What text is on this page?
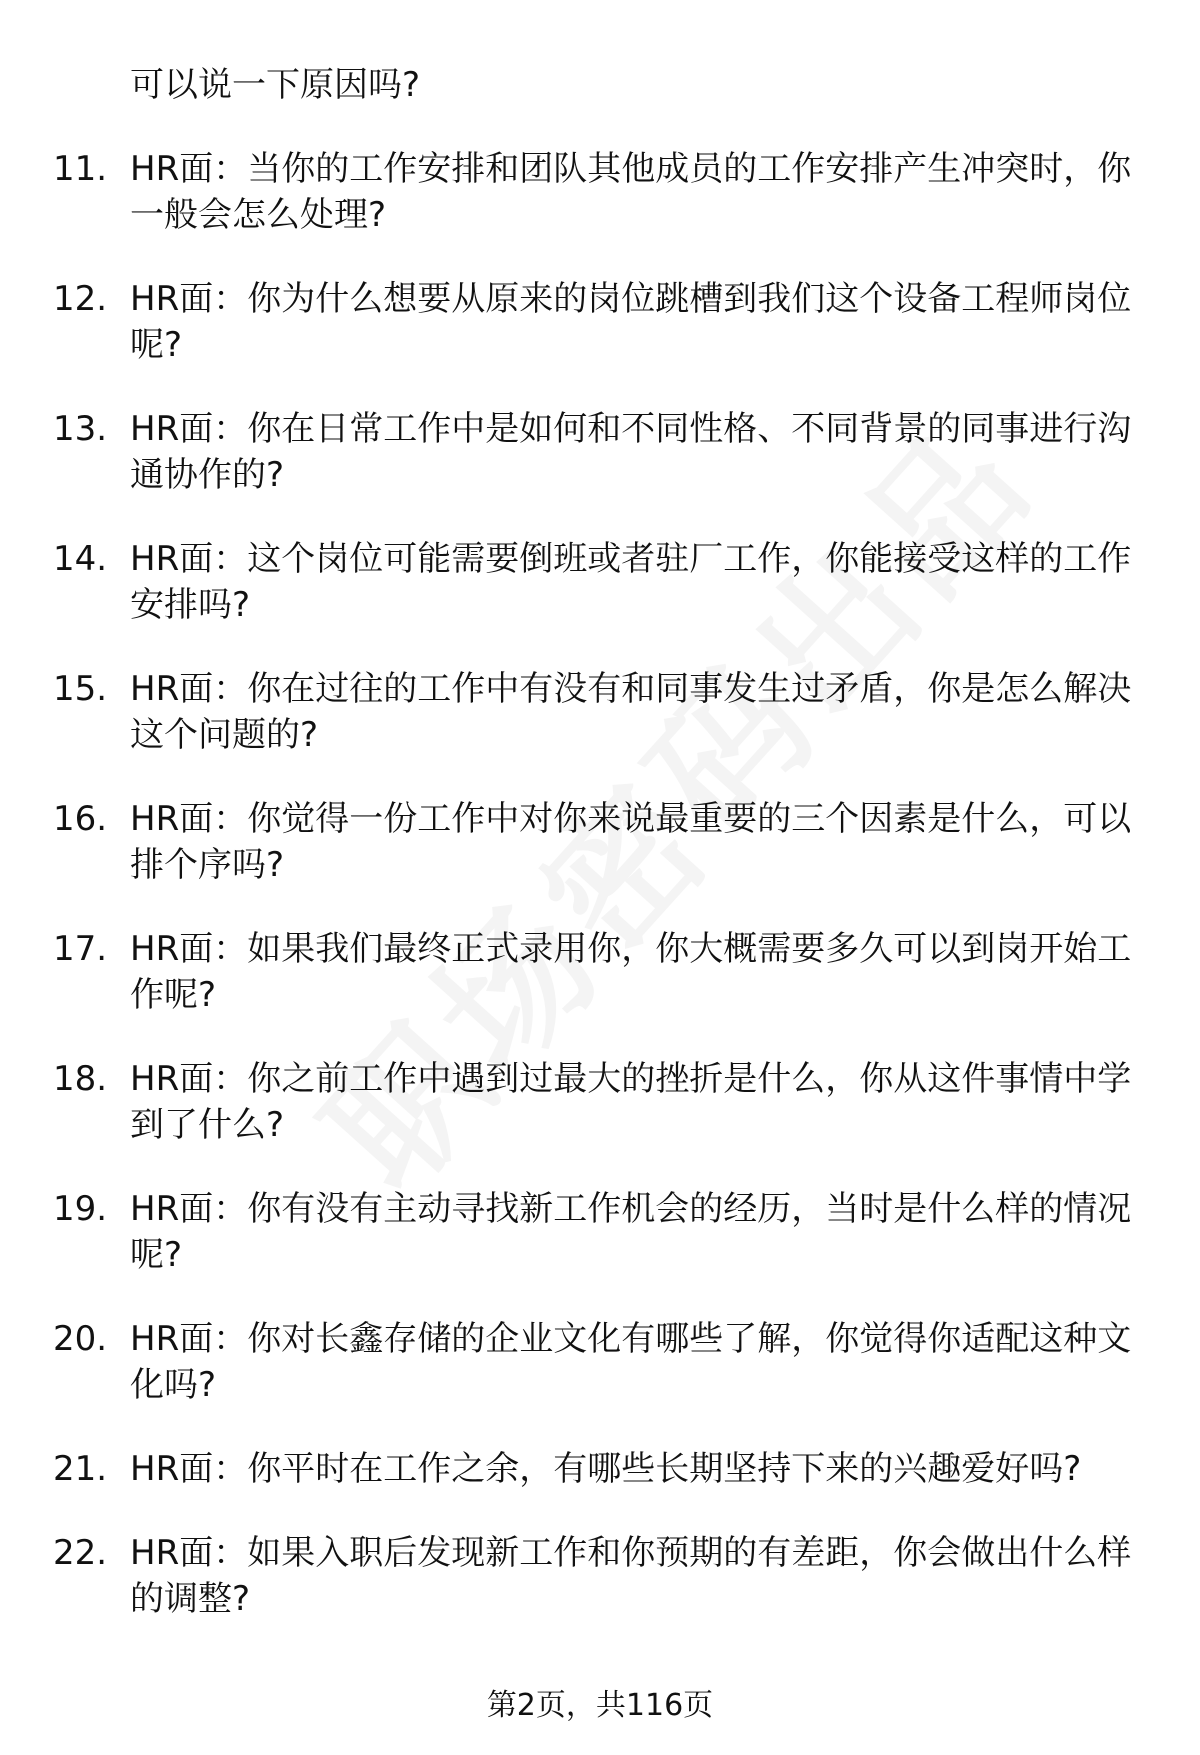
可以说一下原因吗?
11. HR面：当你的工作安排和团队其他成员的工作安排产生冲突时，你一般会怎么处理?
12. HR面：你为什么想要从原来的岗位跳槽到我们这个设备工程师岗位呢?
13. HR面：你在日常工作中是如何和不同性格、不同背景的同事进行沟通协作的?
14. HR面：这个岗位可能需要倒班或者驻厂工作，你能接受这样的工作安排吗?
15. HR面：你在过往的工作中有没有和同事发生过矛盾，你是怎么解决这个问题的?
16. HR面：你觉得一份工作中对你来说最重要的三个因素是什么，可以排个序吗?
17. HR面：如果我们最终正式录用你，你大概需要多久可以到岗开始工作呢?
18. HR面：你之前工作中遇到过最大的挫折是什么，你从这件事情中学到了什么?
19. HR面：你有没有主动寻找新工作机会的经历，当时是什么样的情况呢?
20. HR面：你对长鑫存储的企业文化有哪些了解，你觉得你适配这种文化吗?
21. HR面：你平时在工作之余，有哪些长期坚持下来的兴趣爱好吗?
22. HR面：如果入职后发现新工作和你预期的有差距，你会做出什么样的调整?
第2页，共116页
